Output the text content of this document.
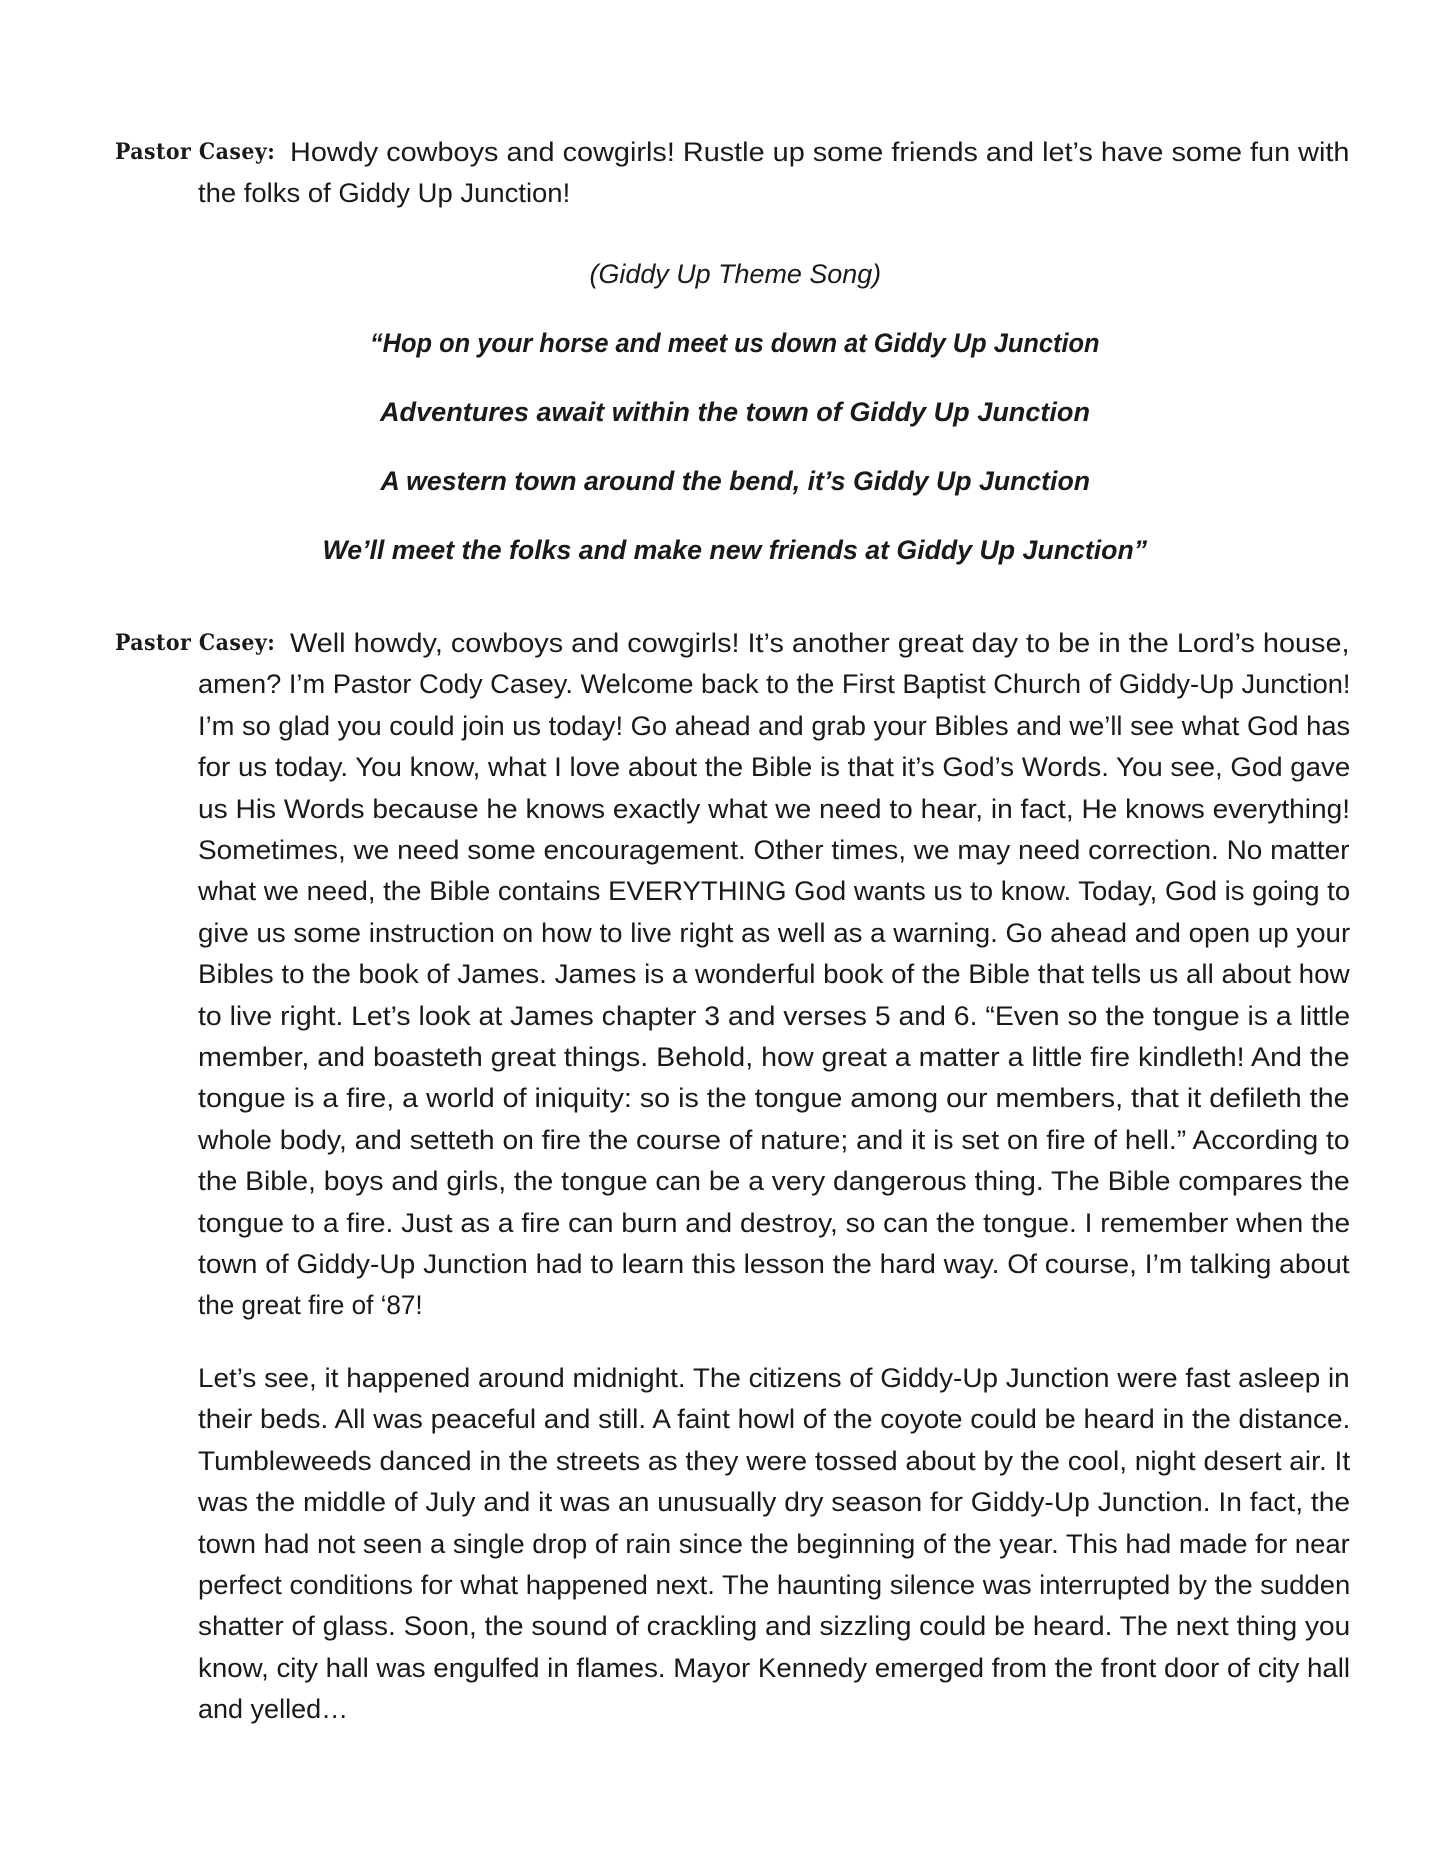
Pastor Casey: Howdy cowboys and cowgirls! Rustle up some friends and let’s have some fun with
the folks of Giddy Up Junction!
(Giddy Up Theme Song)
“Hop on your horse and meet us down at Giddy Up Junction
Adventures await within the town of Giddy Up Junction
A western town around the bend, it’s Giddy Up Junction
We’ll meet the folks and make new friends at Giddy Up Junction”
Pastor Casey: Well howdy, cowboys and cowgirls! It’s another great day to be in the Lord’s house,
amen? I’m Pastor Cody Casey. Welcome back to the First Baptist Church of Giddy-Up Junction!
I’m so glad you could join us today! Go ahead and grab your Bibles and we’ll see what God has
for us today. You know, what I love about the Bible is that it’s God’s Words. You see, God gave
us His Words because he knows exactly what we need to hear, in fact, He knows everything!
Sometimes, we need some encouragement. Other times, we may need correction. No matter
what we need, the Bible contains EVERYTHING God wants us to know. Today, God is going to
give us some instruction on how to live right as well as a warning. Go ahead and open up your
Bibles to the book of James. James is a wonderful book of the Bible that tells us all about how
to live right. Let’s look at James chapter 3 and verses 5 and 6. “Even so the tongue is a little
member, and boasteth great things. Behold, how great a matter a little fire kindleth! And the
tongue is a fire, a world of iniquity: so is the tongue among our members, that it defileth the
whole body, and setteth on fire the course of nature; and it is set on fire of hell.” According to
the Bible, boys and girls, the tongue can be a very dangerous thing. The Bible compares the
tongue to a fire. Just as a fire can burn and destroy, so can the tongue. I remember when the
town of Giddy-Up Junction had to learn this lesson the hard way. Of course, I’m talking about
the great fire of ‘87!
Let’s see, it happened around midnight. The citizens of Giddy-Up Junction were fast asleep in
their beds. All was peaceful and still. A faint howl of the coyote could be heard in the distance.
Tumbleweeds danced in the streets as they were tossed about by the cool, night desert air. It
was the middle of July and it was an unusually dry season for Giddy-Up Junction. In fact, the
town had not seen a single drop of rain since the beginning of the year. This had made for near
perfect conditions for what happened next. The haunting silence was interrupted by the sudden
shatter of glass. Soon, the sound of crackling and sizzling could be heard. The next thing you
know, city hall was engulfed in flames. Mayor Kennedy emerged from the front door of city hall
and yelled…
